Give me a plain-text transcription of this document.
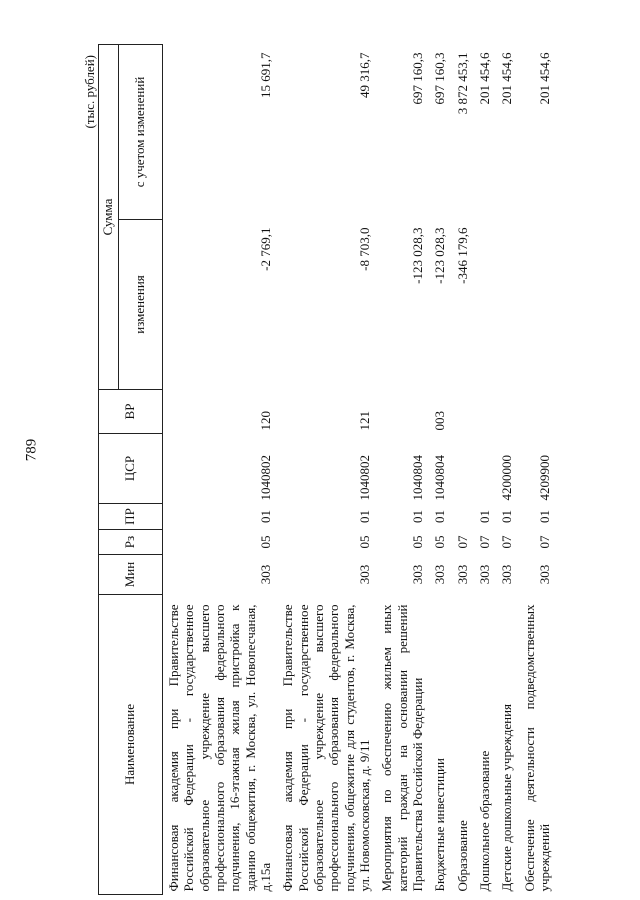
789
(тыс. рублей)
Наименование	Мин	Рз	ПР	ЦСР	ВР	Сумма	
						изменения	с учетом изменений
Финансовая академия при Правительстве Российской Федерации - государственное образовательное учреждение высшего профессионального образования федерального подчинения, 16-этажная жилая пристройка к зданию общежития, г. Москва, ул. Новопесчаная, д.15а	303	05	01	1040802	120	-2 769,1	15 691,7
Финансовая академия при Правительстве Российской Федерации - государственное образовательное учреждение высшего профессионального образования федерального подчинения, общежитие для студентов, г. Москва, ул. Новомосковская, д. 9/11	303	05	01	1040802	121	-8 703,0	49 316,7
Мероприятия по обеспечению жильем иных категорий граждан на основании решений Правительства Российской Федерации	303	05	01	1040804		-123 028,3	697 160,3
Бюджетные инвестиции	303	05	01	1040804	003	-123 028,3	697 160,3
Образование	303	07				-346 179,6	3 872 453,1
Дошкольное образование	303	07	01				201 454,6
Детские дошкольные учреждения	303	07	01	4200000			201 454,6
Обеспечение деятельности подведомственных учреждений	303	07	01	4209900			201 454,6
